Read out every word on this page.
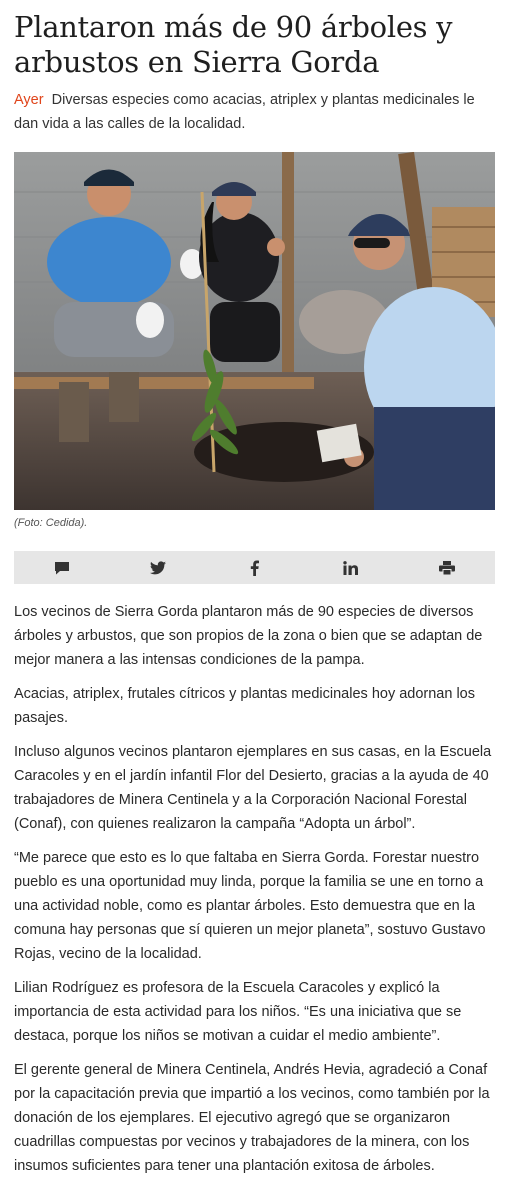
Plantaron más de 90 árboles y arbustos en Sierra Gorda
Ayer Diversas especies como acacias, atriplex y plantas medicinales le dan vida a las calles de la localidad.
(Foto: Cedida).

Los vecinos de Sierra Gorda plantaron más de 90 especies de diversos árboles y arbustos, que son propios de la zona o bien que se adaptan de mejor manera a las intensas condiciones de la pampa.

Acacias, atriplex, frutales cítricos y plantas medicinales hoy adornan los pasajes.

Incluso algunos vecinos plantaron ejemplares en sus casas, en la Escuela Caracoles y en el jardín infantil Flor del Desierto, gracias a la ayuda de 40 trabajadores de Minera Centinela y a la Corporación Nacional Forestal (Conaf), con quienes realizaron la campaña “Adopta un árbol”.

“Me parece que esto es lo que faltaba en Sierra Gorda. Forestar nuestro pueblo es una oportunidad muy linda, porque la familia se une en torno a una actividad noble, como es plantar árboles. Esto demuestra que en la comuna hay personas que sí quieren un mejor planeta”, sostuvo Gustavo Rojas, vecino de la localidad.

Lilian Rodríguez es profesora de la Escuela Caracoles y explicó la importancia de esta actividad para los niños. “Es una iniciativa que se destaca, porque los niños se motivan a cuidar el medio ambiente”.

El gerente general de Minera Centinela, Andrés Hevia, agradeció a Conaf por la capacitación previa que impartió a los vecinos, como también por la donación de los ejemplares. El ejecutivo agregó que se organizaron cuadrillas compuestas por vecinos y trabajadores de la minera, con los insumos suficientes para tener una plantación exitosa de árboles.
